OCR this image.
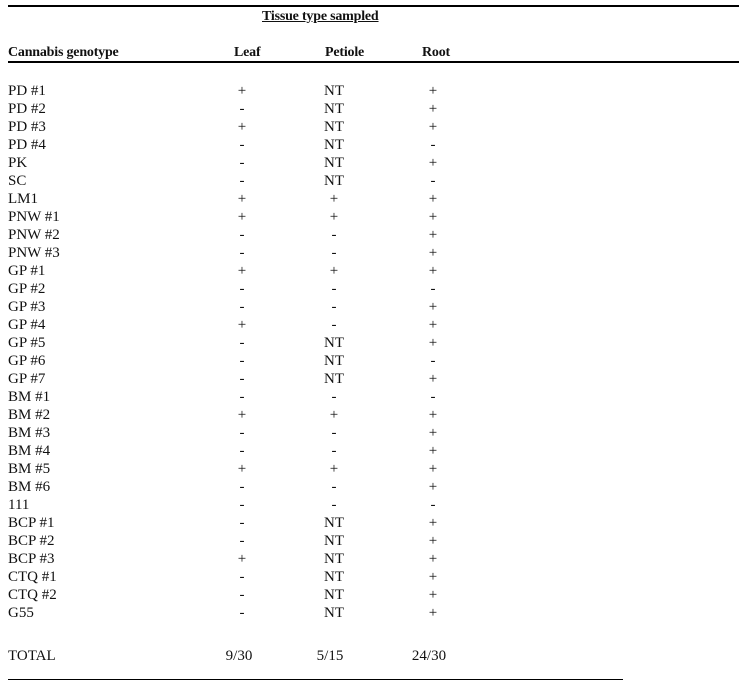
Tissue type sampled
Cannabis genotype	Leaf	Petiole	Root
PD #1	+	NT	+
PD #2	-	NT	+
PD #3	+	NT	+
PD #4	-	NT	-
PK	-	NT	+
SC	-	NT	-
LM1	+	+	+
PNW #1	+	+	+
PNW #2	-	-	+
PNW #3	-	-	+
GP #1	+	+	+
GP #2	-	-	-
GP #3	-	-	+
GP #4	+	-	+
GP #5	-	NT	+
GP #6	-	NT	-
GP #7	-	NT	+
BM #1	-	-	-
BM #2	+	+	+
BM #3	-	-	+
BM #4	-	-	+
BM #5	+	+	+
BM #6	-	-	+
111	-	-	-
BCP #1	-	NT	+
BCP #2	-	NT	+
BCP #3	+	NT	+
CTQ #1	-	NT	+
CTQ #2	-	NT	+
G55	-	NT	+
TOTAL	9/30	5/15	24/30
